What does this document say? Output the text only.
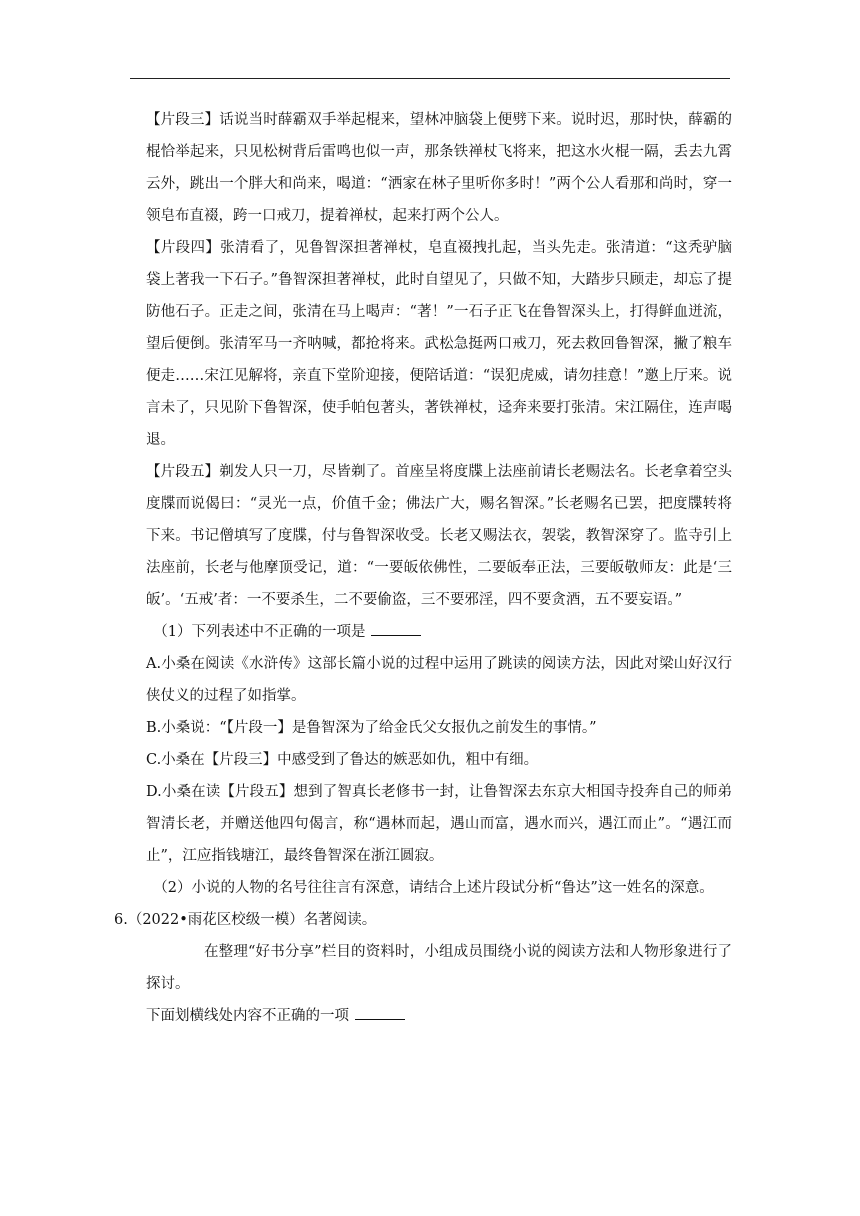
【片段三】话说当时薛霸双手举起棍来，望林冲脑袋上便劈下来。说时迟，那时快，薛霸的棍恰举起来，只见松树背后雷鸣也似一声，那条铁禅杖飞将来，把这水火棍一隔，丢去九霄云外，跳出一个胖大和尚来，喝道：“洒家在林子里听你多时！”两个公人看那和尚时，穿一领皂布直裰，跨一口戒刀，提着禅杖，起来打两个公人。

【片段四】张清看了，见鲁智深担著禅杖，皂直裰拽扎起，当头先走。张清道：“这秃驴脑袋上著我一下石子。”鲁智深担著禅杖，此时自望见了，只做不知，大踏步只顾走，却忘了提防他石子。正走之间，张清在马上喝声：“著！”一石子正飞在鲁智深头上，打得鲜血迸流，望后便倒。张清军马一齐呐喊，都抢将来。武松急挺两口戒刀，死去救回鲁智深，撇了粮车便走……宋江见解将，亲直下堂阶迎接，便陪话道：“误犯虎威，请勿挂意！”邀上厅来。说言未了，只见阶下鲁智深，使手帕包著头，著铁禅杖，迳奔来要打张清。宋江隔住，连声喝退。

【片段五】剃发人只一刀，尽皆剃了。首座呈将度牒上法座前请长老赐法名。长老拿着空头度牒而说偈曰：“灵光一点，价值千金；佛法广大，赐名智深。”长老赐名已罢，把度牒转将下来。书记僧填写了度牒，付与鲁智深收受。长老又赐法衣，袈裟，教智深穿了。监寺引上法座前，长老与他摩顶受记，道：“一要皈依佛性，二要皈奉正法，三要皈敬师友：此是‘三皈’。‘五戒’者：一不要杀生，二不要偷盗，三不要邪淫，四不要贪酒，五不要妄语。”

（1）下列表述中不正确的一项是

A.小桑在阅读《水浒传》这部长篇小说的过程中运用了跳读的阅读方法，因此对梁山好汉行侠仗义的过程了如指掌。

B.小桑说：“【片段一】是鲁智深为了给金氏父女报仇之前发生的事情。”

C.小桑在【片段三】中感受到了鲁达的嫉恶如仇，粗中有细。

D.小桑在读【片段五】想到了智真长老修书一封，让鲁智深去东京大相国寺投奔自己的师弟智清长老，并赠送他四句偈言，称“遇林而起，遇山而富，遇水而兴，遇江而止”。“遇江而止”，江应指钱塘江，最终鲁智深在浙江圆寂。

（2）小说的人物的名号往往言有深意，请结合上述片段试分析“鲁达”这一姓名的深意。

6.（2022•雨花区校级一模）名著阅读。

在整理“好书分享”栏目的资料时，小组成员围绕小说的阅读方法和人物形象进行了探讨。

下面划横线处内容不正确的一项
